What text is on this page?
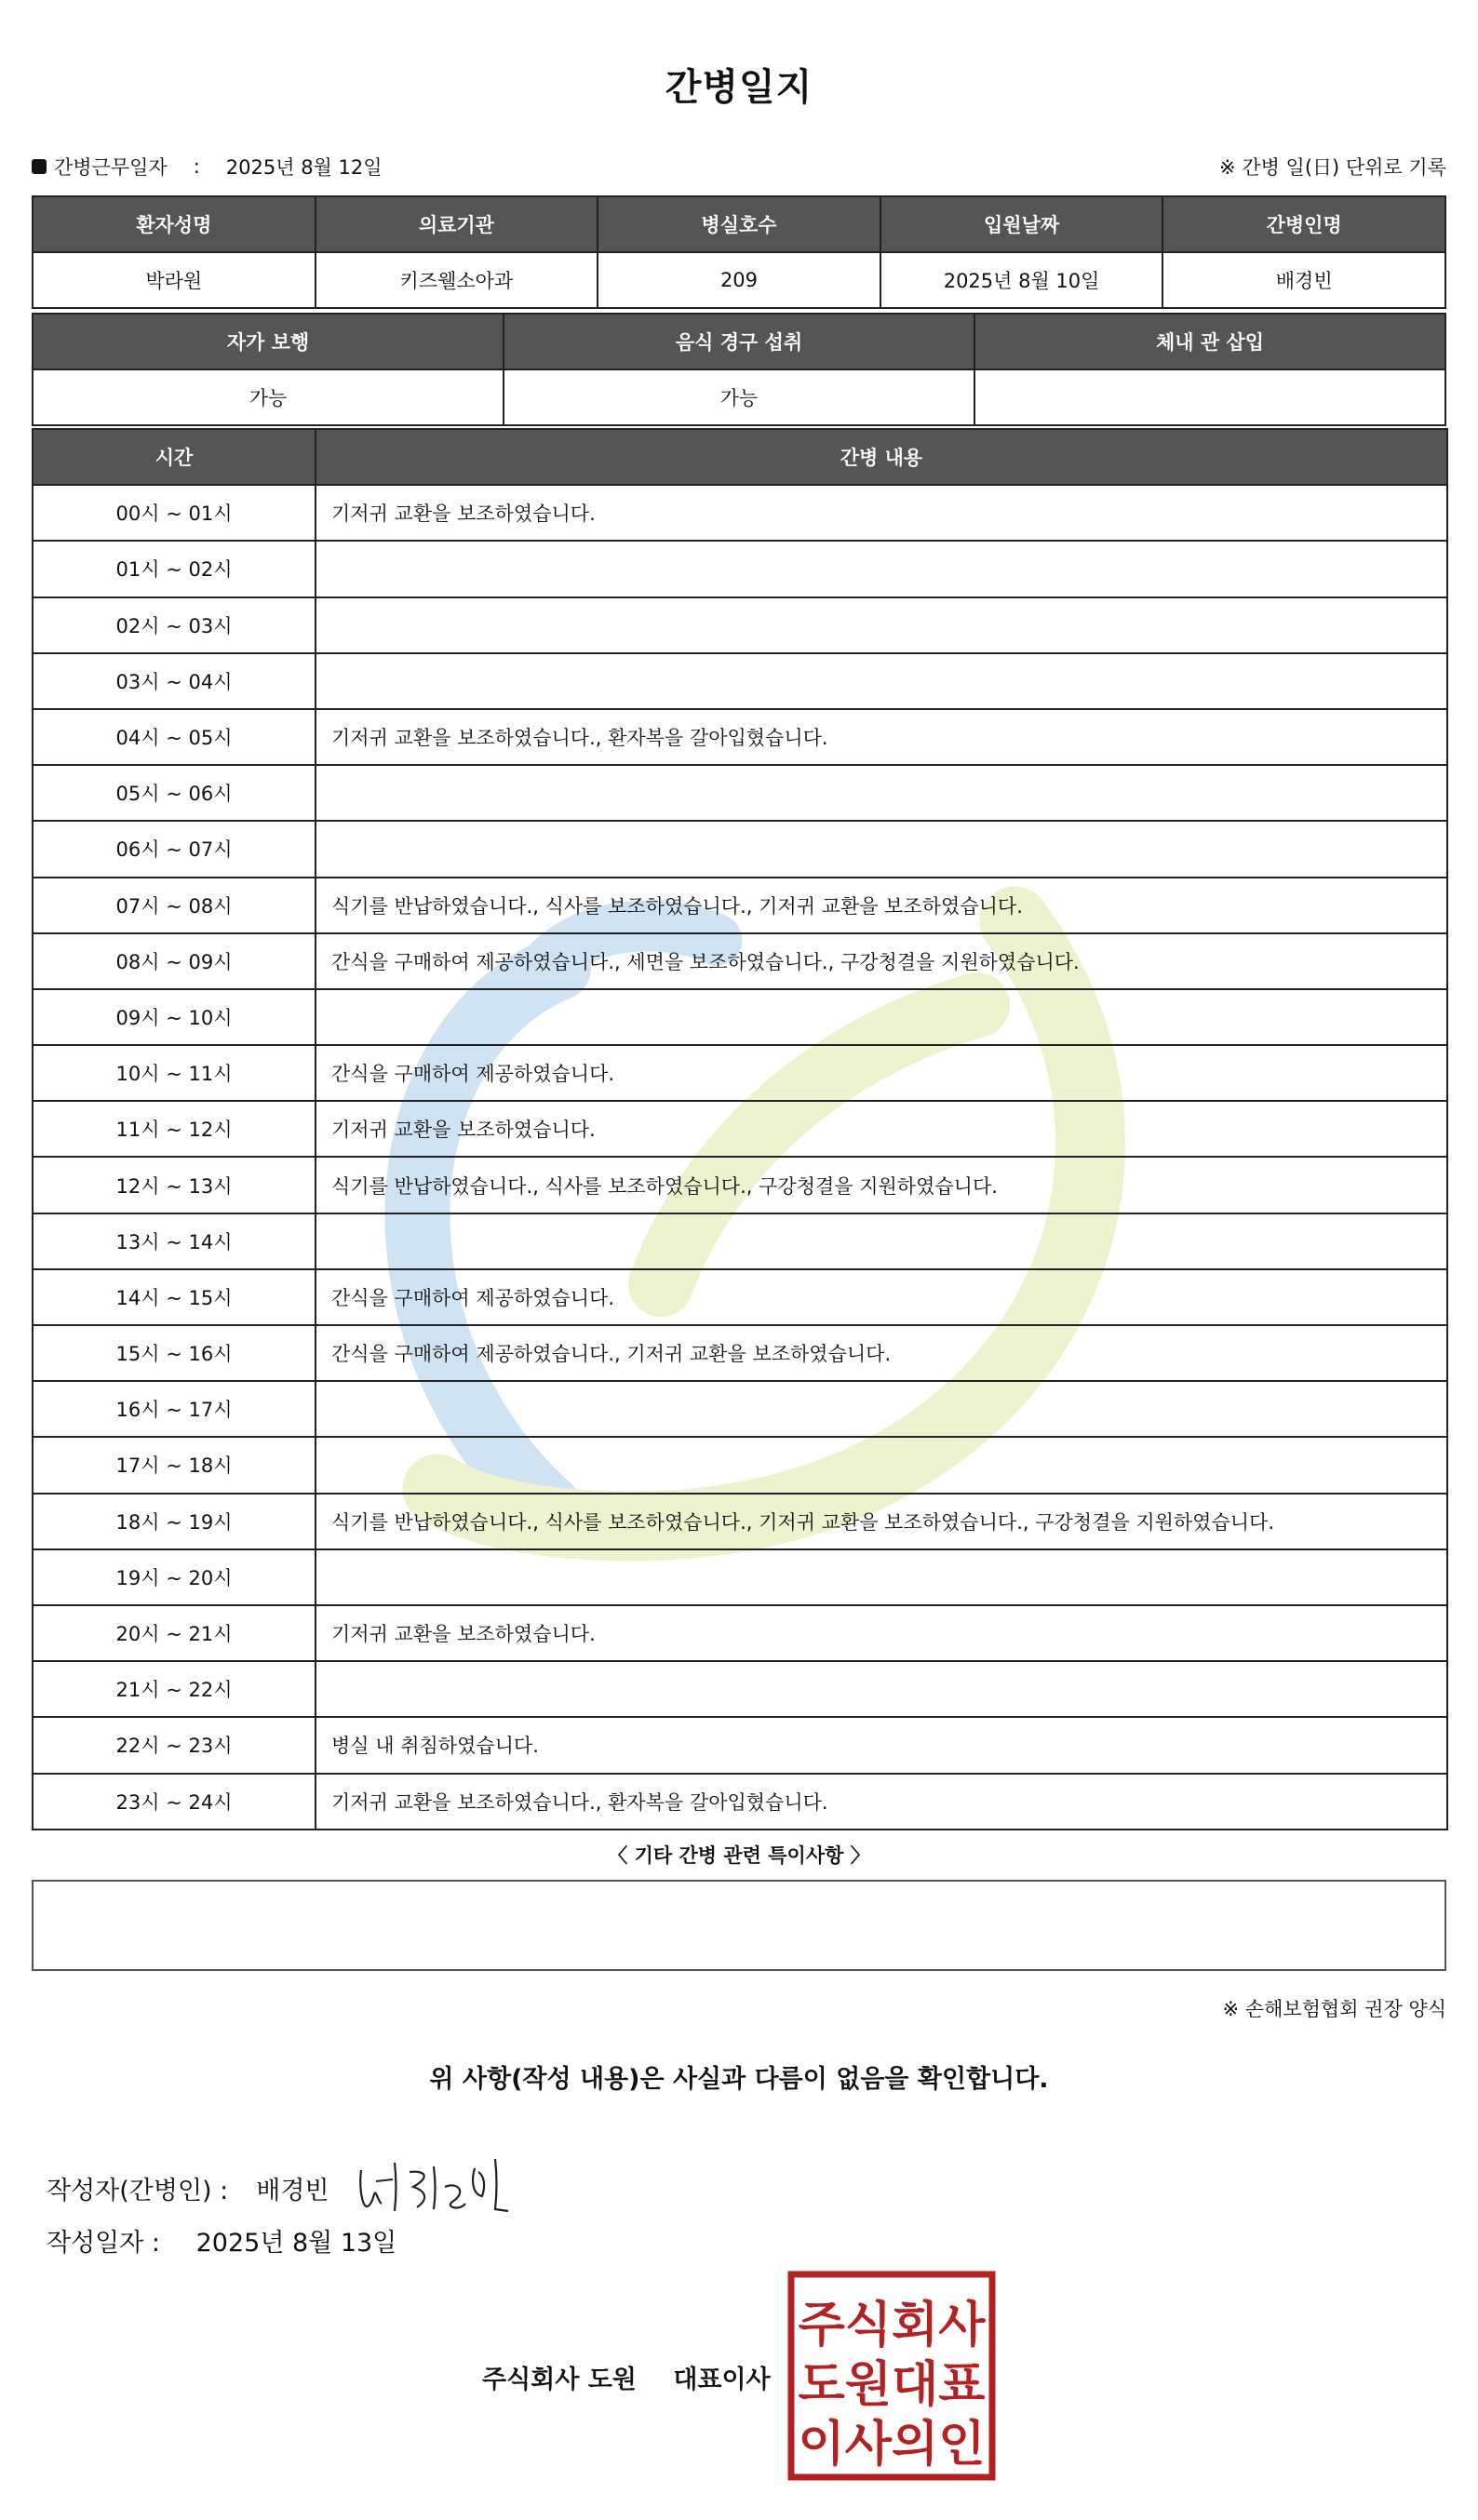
간병일지
간병근무일자 : 2025년 8월 12일	※ 간병 일(日) 단위로 기록
환자성명	의료기관	병실호수	입원날짜	간병인명
박라원	키즈웰소아과	209	2025년 8월 10일	배경빈
자가 보행	음식 경구 섭취	체내 관 삽입
가능	가능	
시간	간병 내용
00시 ~ 01시	기저귀 교환을 보조하였습니다.
01시 ~ 02시	
02시 ~ 03시	
03시 ~ 04시	
04시 ~ 05시	기저귀 교환을 보조하였습니다., 환자복을 갈아입혔습니다.
05시 ~ 06시	
06시 ~ 07시	
07시 ~ 08시	식기를 반납하였습니다., 식사를 보조하였습니다., 기저귀 교환을 보조하였습니다.
08시 ~ 09시	간식을 구매하여 제공하였습니다., 세면을 보조하였습니다., 구강청결을 지원하였습니다.
09시 ~ 10시	
10시 ~ 11시	간식을 구매하여 제공하였습니다.
11시 ~ 12시	기저귀 교환을 보조하였습니다.
12시 ~ 13시	식기를 반납하였습니다., 식사를 보조하였습니다., 구강청결을 지원하였습니다.
13시 ~ 14시	
14시 ~ 15시	간식을 구매하여 제공하였습니다.
15시 ~ 16시	간식을 구매하여 제공하였습니다., 기저귀 교환을 보조하였습니다.
16시 ~ 17시	
17시 ~ 18시	
18시 ~ 19시	식기를 반납하였습니다., 식사를 보조하였습니다., 기저귀 교환을 보조하였습니다., 구강청결을 지원하였습니다.
19시 ~ 20시	
20시 ~ 21시	기저귀 교환을 보조하였습니다.
21시 ~ 22시	
22시 ~ 23시	병실 내 취침하였습니다.
23시 ~ 24시	기저귀 교환을 보조하였습니다., 환자복을 갈아입혔습니다.
〈 기타 간병 관련 특이사항 〉
※ 손해보험협회 권장 양식
위 사항(작성 내용)은 사실과 다름이 없음을 확인합니다.
작성자(간병인) : 배경빈
작성일자 : 2025년 8월 13일
주식회사 도원 대표이사
주식회사
도원대표
이사의인
